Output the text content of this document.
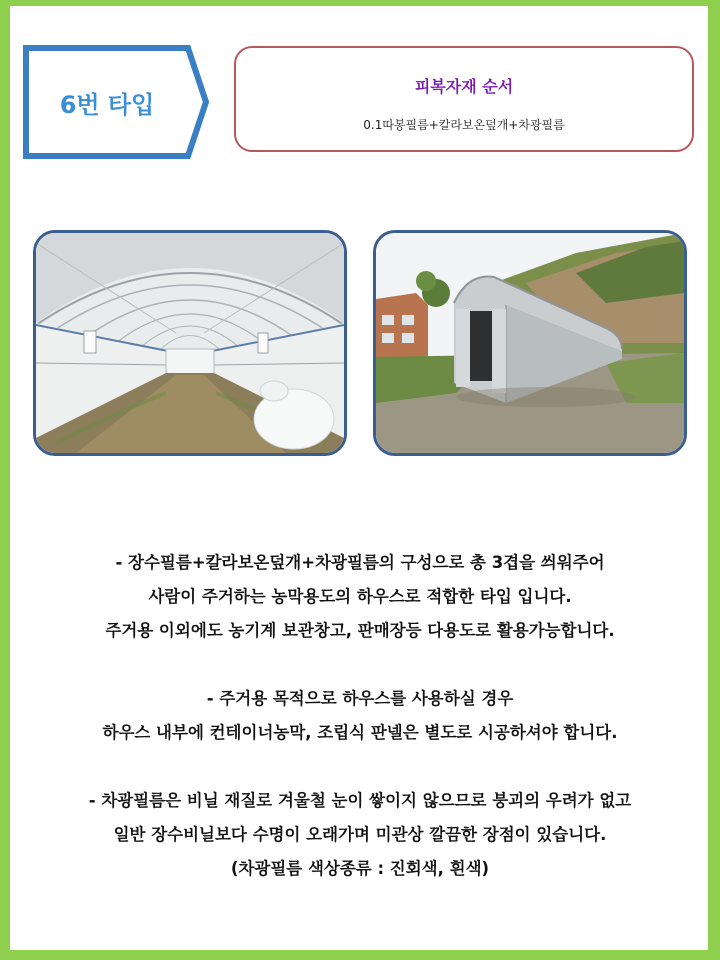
6번 타입
피복자재 순서
0.1따봉필름+칼라보온덮개+차광필름
- 장수필름+칼라보온덮개+차광필름의 구성으로 총 3겹을 씌워주어
사람이 주거하는 농막용도의 하우스로 적합한 타입 입니다.
주거용 이외에도 농기계 보관창고, 판매장등 다용도로 활용가능합니다.
- 주거용 목적으로 하우스를 사용하실 경우
하우스 내부에 컨테이너농막, 조립식 판넬은 별도로 시공하셔야 합니다.
- 차광필름은 비닐 재질로 겨울철 눈이 쌓이지 않으므로 붕괴의 우려가 없고
일반 장수비닐보다 수명이 오래가며 미관상 깔끔한 장점이 있습니다.
(차광필름 색상종류 : 진회색, 흰색)
